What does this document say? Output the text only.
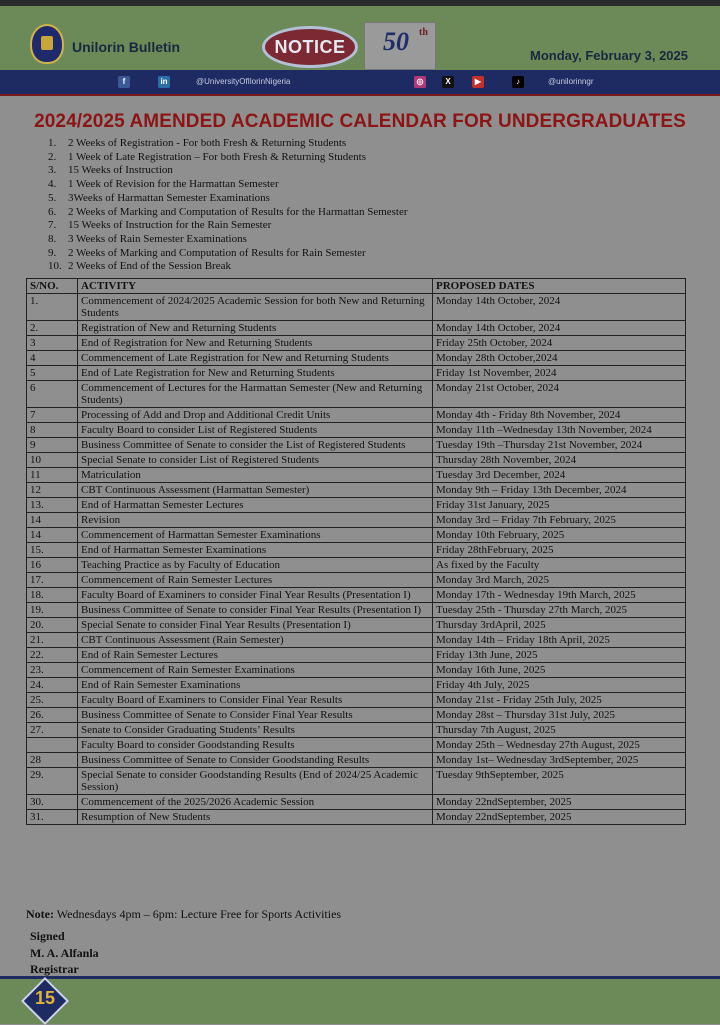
Unilorin Bulletin	NOTICE	50 th
Monday, February 3, 2025
f	in	@UniversityOfIlorinNigeria	◎	X	▶	♪	@unilorinngr
2024/2025 AMENDED ACADEMIC CALENDAR FOR UNDERGRADUATES
1. 2 Weeks of Registration - For both Fresh & Returning Students
2. 1 Week of Late Registration – For both Fresh & Returning Students
3. 15 Weeks of Instruction
4. 1 Week of Revision for the Harmattan Semester
5. 3Weeks of Harmattan Semester Examinations
6. 2 Weeks of Marking and Computation of Results for the Harmattan Semester
7. 15 Weeks of Instruction for the Rain Semester
8. 3 Weeks of Rain Semester Examinations
9. 2 Weeks of Marking and Computation of Results for Rain Semester
10. 2 Weeks of End of the Session Break
S/NO.	ACTIVITY	PROPOSED DATES
1.	Commencement of 2024/2025 Academic Session for both New and Returning Students	Monday 14th October, 2024
2.	Registration of New and Returning Students	Monday 14th October, 2024
3	End of Registration for New and Returning Students	Friday 25th October, 2024
4	Commencement of Late Registration for New and Returning Students	Monday 28th October,2024
5	End of Late Registration for New and Returning Students	Friday 1st November, 2024
6	Commencement of Lectures for the Harmattan Semester (New and Returning Students)	Monday 21st October, 2024
7	Processing of Add and Drop and Additional Credit Units	Monday 4th - Friday 8th November, 2024
8	Faculty Board to consider List of Registered Students	Monday 11th –Wednesday 13th November, 2024
9	Business Committee of Senate to consider the List of Registered Students	Tuesday 19th –Thursday 21st November, 2024
10	Special Senate to consider List of Registered Students	Thursday 28th November, 2024
11	Matriculation	Tuesday 3rd December, 2024
12	CBT Continuous Assessment (Harmattan Semester)	Monday 9th – Friday 13th December, 2024
13.	End of Harmattan Semester Lectures	Friday 31st January, 2025
14	Revision	Monday 3rd – Friday 7th February, 2025
14	Commencement of Harmattan Semester Examinations	Monday 10th February, 2025
15.	End of Harmattan Semester Examinations	Friday 28thFebruary, 2025
16	Teaching Practice as by Faculty of Education	As fixed by the Faculty
17.	Commencement of Rain Semester Lectures	Monday 3rd March, 2025
18.	Faculty Board of Examiners to consider Final Year Results (Presentation I)	Monday 17th - Wednesday 19th March, 2025
19.	Business Committee of Senate to consider Final Year Results (Presentation I)	Tuesday 25th - Thursday 27th March, 2025
20.	Special Senate to consider Final Year Results (Presentation I)	Thursday 3rdApril, 2025
21.	CBT Continuous Assessment (Rain Semester)	Monday 14th – Friday 18th April, 2025
22.	End of Rain Semester Lectures	Friday 13th June, 2025
23.	Commencement of Rain Semester Examinations	Monday 16th June, 2025
24.	End of Rain Semester Examinations	Friday 4th July, 2025
25.	Faculty Board of Examiners to Consider Final Year Results	Monday 21st - Friday 25th July, 2025
26.	Business Committee of Senate to Consider Final Year Results	Monday 28st – Thursday 31st July, 2025
27.	Senate to Consider Graduating Students’ Results	Thursday 7th August, 2025
	Faculty Board to consider Goodstanding Results	Monday 25th – Wednesday 27th August, 2025
28	Business Committee of Senate to Consider Goodstanding Results	Monday 1st– Wednesday 3rdSeptember, 2025
29.	Special Senate to consider Goodstanding Results (End of 2024/25 Academic Session)	Tuesday 9thSeptember, 2025
30.	Commencement of the 2025/2026 Academic Session	Monday 22ndSeptember, 2025
31.	Resumption of New Students	Monday 22ndSeptember, 2025
Note: Wednesdays 4pm – 6pm: Lecture Free for Sports Activities
Signed
M. A. Alfanla
Registrar
15
